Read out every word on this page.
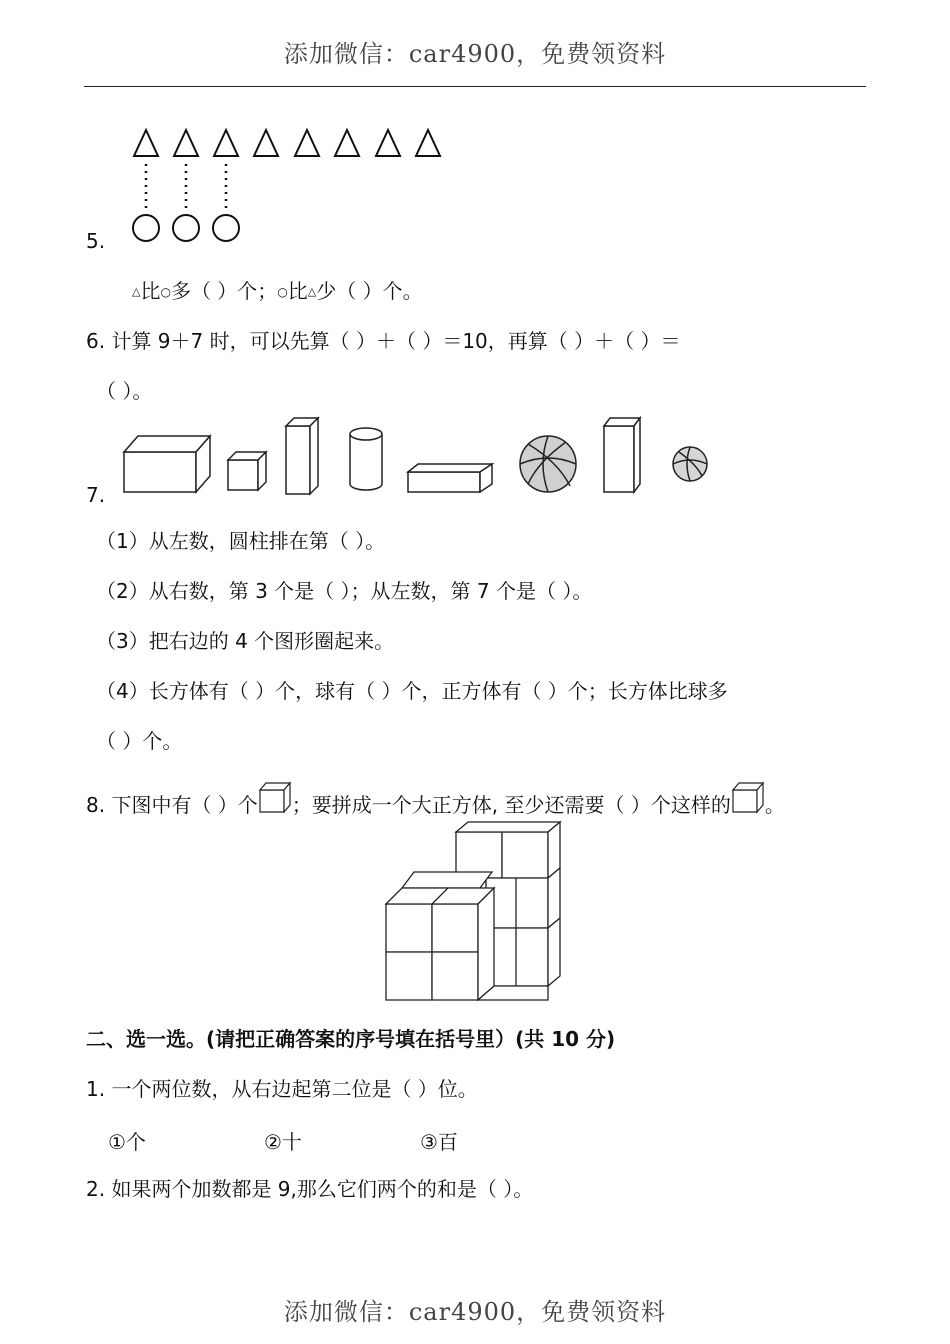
添加微信：car4900，免费领资料
5.
△比○多（ ）个；○比△少（ ）个。
6. 计算 9＋7 时，可以先算（ ）＋（ ）＝10，再算（ ）＋（ ）＝
（ ）。
7.
（1）从左数，圆柱排在第（ ）。
（2）从右数，第 3 个是（ ）；从左数，第 7 个是（ ）。
（3）把右边的 4 个图形圈起来。
（4）长方体有（ ）个，球有（ ）个，正方体有（ ）个；长方体比球多
（ ）个。
8. 下图中有（ ）个 ；要拼成一个大正方体, 至少还需要（ ）个这样的 。
二、选一选。(请把正确答案的序号填在括号里）(共 10 分)
1. 一个两位数，从右边起第二位是（ ）位。
①个	②十	③百
2. 如果两个加数都是 9,那么它们两个的和是（ ）。
添加微信：car4900，免费领资料
